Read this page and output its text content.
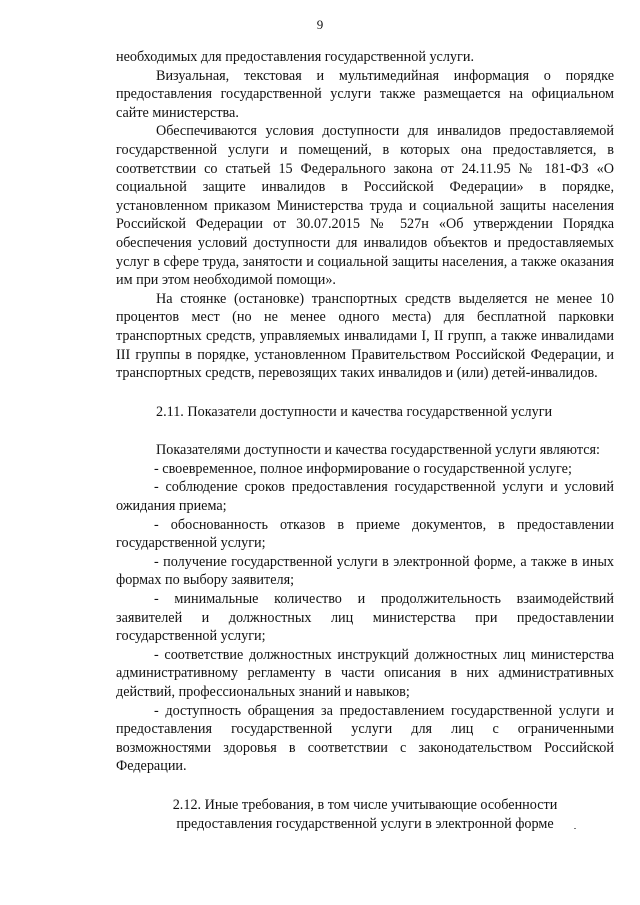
9

необходимых для предоставления государственной услуги.

Визуальная, текстовая и мультимедийная информация о порядке предоставления государственной услуги также размещается на официальном сайте министерства.

Обеспечиваются условия доступности для инвалидов предоставляемой государственной услуги и помещений, в которых она предоставляется, в соответствии со статьей 15 Федерального закона от 24.11.95 № 181-ФЗ «О социальной защите инвалидов в Российской Федерации» в порядке, установленном приказом Министерства труда и социальной защиты населения Российской Федерации от 30.07.2015 № 527н «Об утверждении Порядка обеспечения условий доступности для инвалидов объектов и предоставляемых услуг в сфере труда, занятости и социальной защиты населения, а также оказания им при этом необходимой помощи».

На стоянке (остановке) транспортных средств выделяется не менее 10 процентов мест (но не менее одного места) для бесплатной парковки транспортных средств, управляемых инвалидами I, II групп, а также инвалидами III группы в порядке, установленном Правительством Российской Федерации, и транспортных средств, перевозящих таких инвалидов и (или) детей-инвалидов.

2.11. Показатели доступности и качества государственной услуги

Показателями доступности и качества государственной услуги являются:

- своевременное, полное информирование о государственной услуге;

- соблюдение сроков предоставления государственной услуги и условий ожидания приема;

- обоснованность отказов в приеме документов, в предоставлении государственной услуги;

- получение государственной услуги в электронной форме, а также в иных формах по выбору заявителя;

- минимальные количество и продолжительность взаимодействий заявителей и должностных лиц министерства при предоставлении государственной услуги;

- соответствие должностных инструкций должностных лиц министерства административному регламенту в части описания в них административных действий, профессиональных знаний и навыков;

- доступность обращения за предоставлением государственной услуги и предоставления государственной услуги для лиц с ограниченными возможностями здоровья в соответствии с законодательством Российской Федерации.

2.12. Иные требования, в том числе учитывающие особенности
предоставления государственной услуги в электронной форме
